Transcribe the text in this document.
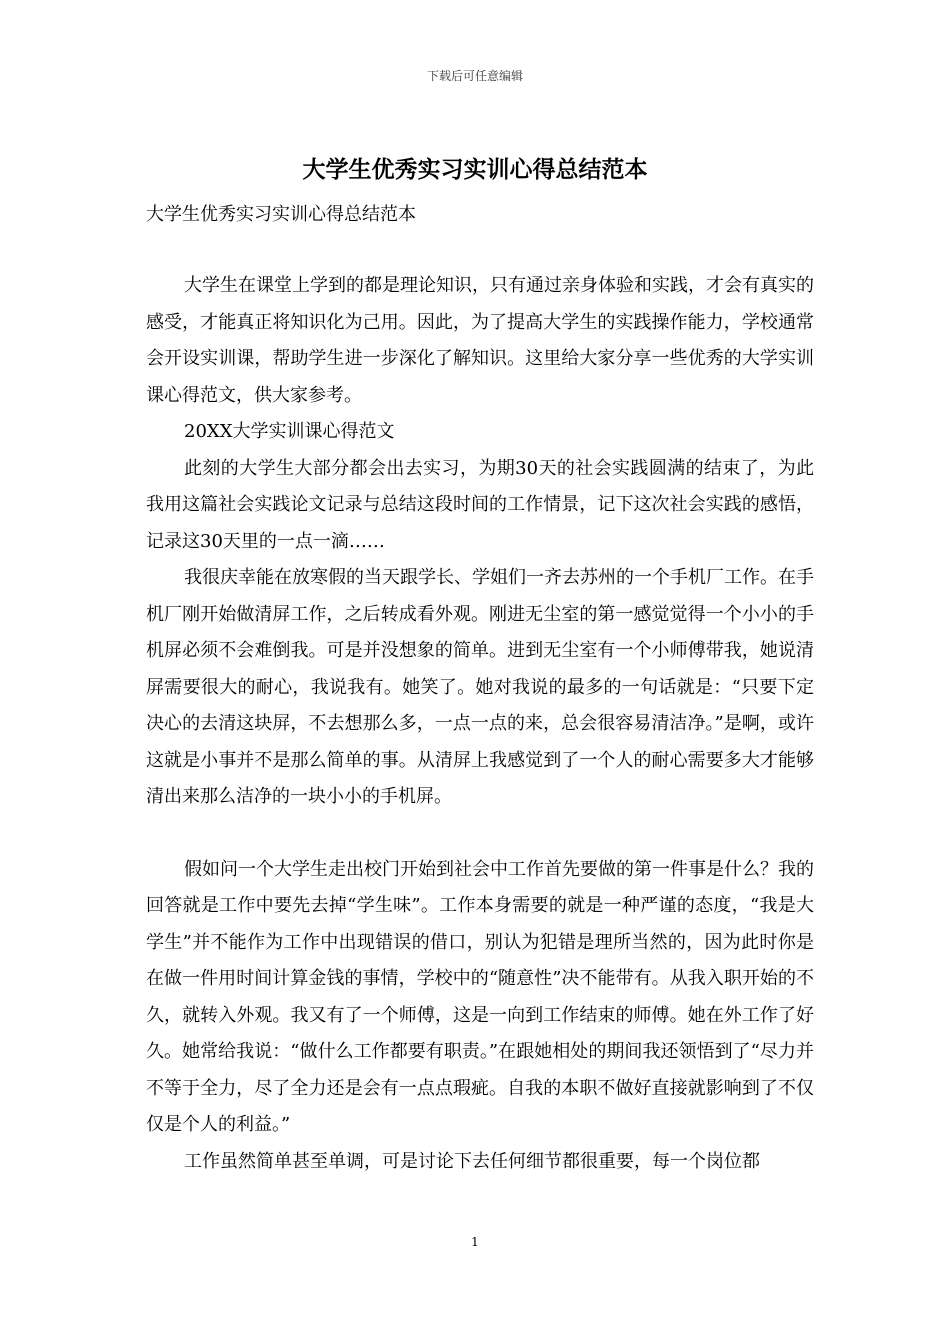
下载后可任意编辑
大学生优秀实习实训心得总结范本

大学生优秀实习实训心得总结范本

大学生在课堂上学到的都是理论知识，只有通过亲身体验和实践，才会有真实的感受，才能真正将知识化为己用。因此，为了提高大学生的实践操作能力，学校通常会开设实训课，帮助学生进一步深化了解知识。这里给大家分享一些优秀的大学实训课心得范文，供大家参考。

20XX大学实训课心得范文

此刻的大学生大部分都会出去实习，为期30天的社会实践圆满的结束了，为此我用这篇社会实践论文记录与总结这段时间的工作情景，记下这次社会实践的感悟，记录这30天里的一点一滴……

我很庆幸能在放寒假的当天跟学长、学姐们一齐去苏州的一个手机厂工作。在手机厂刚开始做清屏工作，之后转成看外观。刚进无尘室的第一感觉觉得一个小小的手机屏必须不会难倒我。可是并没想象的简单。进到无尘室有一个小师傅带我，她说清屏需要很大的耐心，我说我有。她笑了。她对我说的最多的一句话就是：“只要下定决心的去清这块屏，不去想那么多，一点一点的来，总会很容易清洁净。”是啊，或许这就是小事并不是那么简单的事。从清屏上我感觉到了一个人的耐心需要多大才能够清出来那么洁净的一块小小的手机屏。

假如问一个大学生走出校门开始到社会中工作首先要做的第一件事是什么？我的回答就是工作中要先去掉“学生味”。工作本身需要的就是一种严谨的态度，“我是大学生”并不能作为工作中出现错误的借口，别认为犯错是理所当然的，因为此时你是在做一件用时间计算金钱的事情，学校中的“随意性”决不能带有。从我入职开始的不久，就转入外观。我又有了一个师傅，这是一向到工作结束的师傅。她在外工作了好久。她常给我说：“做什么工作都要有职责。”在跟她相处的期间我还领悟到了“尽力并不等于全力，尽了全力还是会有一点点瑕疵。自我的本职不做好直接就影响到了不仅仅是个人的利益。”

工作虽然简单甚至单调，可是讨论下去任何细节都很重要，每一个岗位都

1
